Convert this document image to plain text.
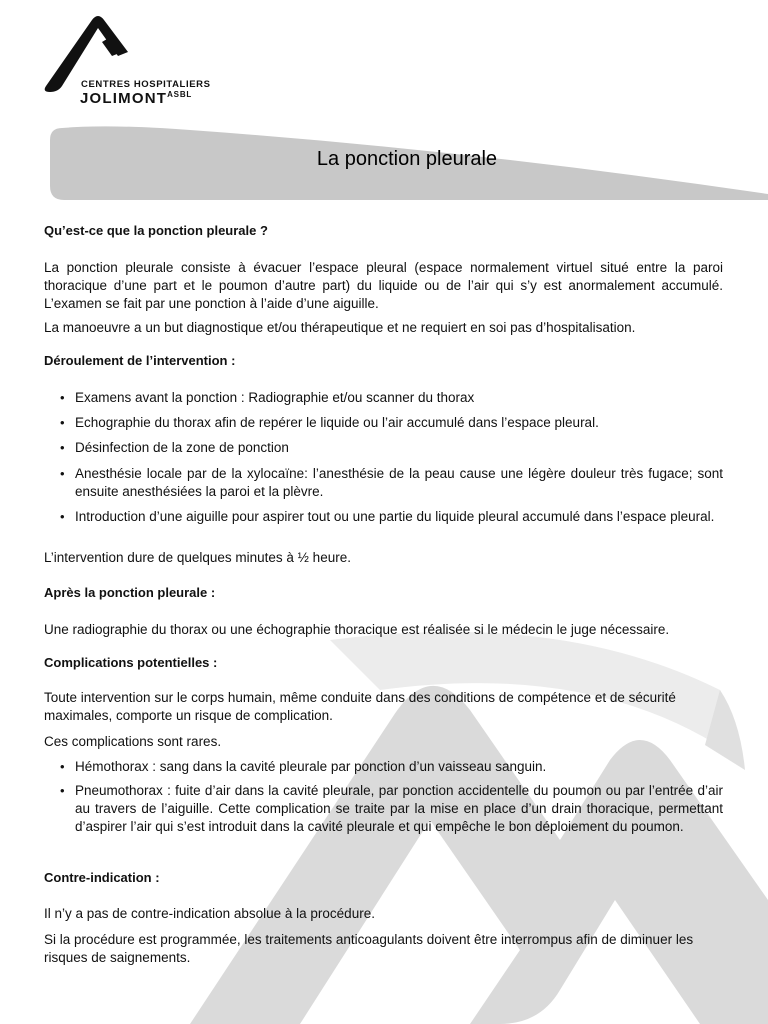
CENTRES HOSPITALIERS
$JOLIMONT^{ASBL}$
La ponction pleurale
Qu’est-ce que la ponction pleurale ?
La ponction pleurale consiste à évacuer l’espace pleural (espace normalement virtuel situé entre la paroi thoracique d’une part et le poumon d’autre part) du liquide ou de l’air qui s’y est anormalement accumulé. L’examen se fait par une ponction à l’aide d’une aiguille.
La manoeuvre a un but diagnostique et/ou thérapeutique et ne requiert en soi pas d’hospitalisation.
Déroulement de l’intervention :
• Examens avant la ponction : Radiographie et/ou scanner du thorax
• Echographie du thorax afin de repérer le liquide ou l’air accumulé dans l’espace pleural.
• Désinfection de la zone de ponction
• Anesthésie locale par de la xylocaïne: l’anesthésie de la peau cause une légère douleur très fugace; sont ensuite anesthésiées la paroi et la plèvre.
• Introduction d’une aiguille pour aspirer tout ou une partie du liquide pleural accumulé dans l’espace pleural.
L’intervention dure de quelques minutes à ½ heure.
Après la ponction pleurale :
Une radiographie du thorax ou une échographie thoracique est réalisée si le médecin le juge nécessaire.
Complications potentielles :
Toute intervention sur le corps humain, même conduite dans des conditions de compétence et de sécurité maximales, comporte un risque de complication.
Ces complications sont rares.
• Hémothorax : sang dans la cavité pleurale par ponction d’un vaisseau sanguin.
• Pneumothorax : fuite d’air dans la cavité pleurale, par ponction accidentelle du poumon ou par l’entrée d’air au travers de l’aiguille. Cette complication se traite par la mise en place d’un drain thoracique, permettant d’aspirer l’air qui s’est introduit dans la cavité pleurale et qui empêche le bon déploiement du poumon.
Contre-indication :
Il n’y a pas de contre-indication absolue à la procédure.
Si la procédure est programmée, les traitements anticoagulants doivent être interrompus afin de diminuer les risques de saignements.
